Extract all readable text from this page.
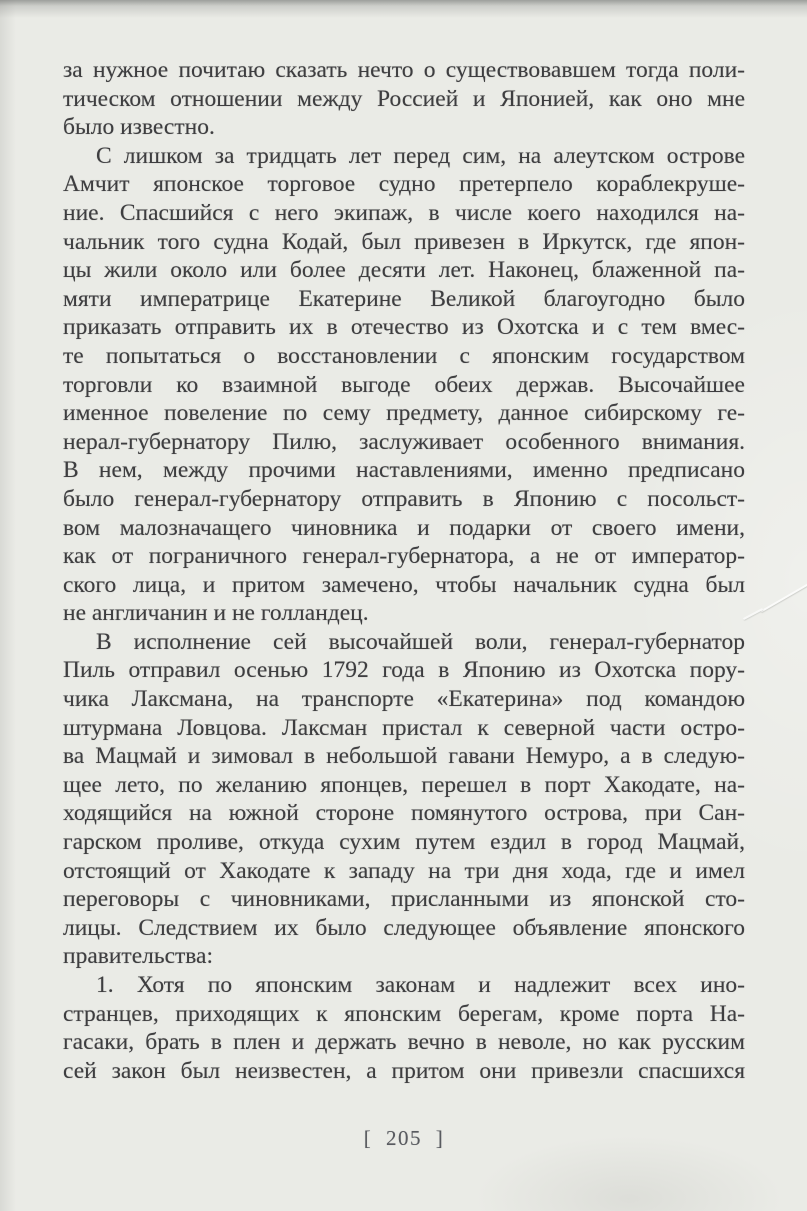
за нужное почитаю сказать нечто о существовавшем тогда поли-
тическом отношении между Россией и Японией, как оно мне
было известно.
С лишком за тридцать лет перед сим, на алеутском острове
Амчит японское торговое судно претерпело кораблекруше-
ние. Спасшийся с него экипаж, в числе коего находился на-
чальник того судна Кодай, был привезен в Иркутск, где япон-
цы жили около или более десяти лет. Наконец, блаженной па-
мяти императрице Екатерине Великой благоугодно было
приказать отправить их в отечество из Охотска и с тем вмес-
те попытаться о восстановлении с японским государством
торговли ко взаимной выгоде обеих держав. Высочайшее
именное повеление по сему предмету, данное сибирскому ге-
нерал-губернатору Пилю, заслуживает особенного внимания.
В нем, между прочими наставлениями, именно предписано
было генерал-губернатору отправить в Японию с посольст-
вом малозначащего чиновника и подарки от своего имени,
как от пограничного генерал-губернатора, а не от император-
ского лица, и притом замечено, чтобы начальник судна был
не англичанин и не голландец.
В исполнение сей высочайшей воли, генерал-губернатор
Пиль отправил осенью 1792 года в Японию из Охотска пору-
чика Лаксмана, на транспорте «Екатерина» под командою
штурмана Ловцова. Лаксман пристал к северной части остро-
ва Мацмай и зимовал в небольшой гавани Немуро, а в следую-
щее лето, по желанию японцев, перешел в порт Хакодате, на-
ходящийся на южной стороне помянутого острова, при Сан-
гарском проливе, откуда сухим путем ездил в город Мацмай,
отстоящий от Хакодате к западу на три дня хода, где и имел
переговоры с чиновниками, присланными из японской сто-
лицы. Следствием их было следующее объявление японского
правительства:
1. Хотя по японским законам и надлежит всех ино-
странцев, приходящих к японским берегам, кроме порта На-
гасаки, брать в плен и держать вечно в неволе, но как русским
сей закон был неизвестен, а притом они привезли спасшихся
[ 205 ]
